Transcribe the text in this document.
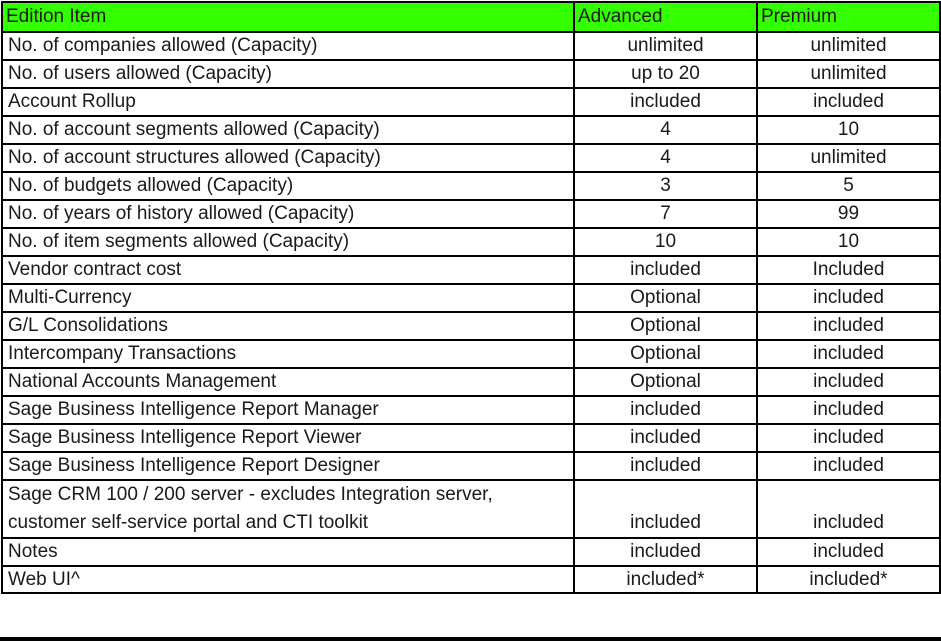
Edition Item	Advanced	Premium
No. of companies allowed (Capacity)	unlimited	unlimited
No. of users allowed (Capacity)	up to 20	unlimited
Account Rollup	included	included
No. of account segments allowed (Capacity)	4	10
No. of account structures allowed (Capacity)	4	unlimited
No. of budgets allowed (Capacity)	3	5
No. of years of history allowed (Capacity)	7	99
No. of item segments allowed (Capacity)	10	10
Vendor contract cost	included	Included
Multi-Currency	Optional	included
G/L Consolidations	Optional	included
Intercompany Transactions	Optional	included
National Accounts Management	Optional	included
Sage Business Intelligence Report Manager	included	included
Sage Business Intelligence Report Viewer	included	included
Sage Business Intelligence Report Designer	included	included
Sage CRM 100 / 200 server - excludes Integration server, customer self-service portal and CTI toolkit	included	included
Notes	included	included
Web UI^	included*	included*
